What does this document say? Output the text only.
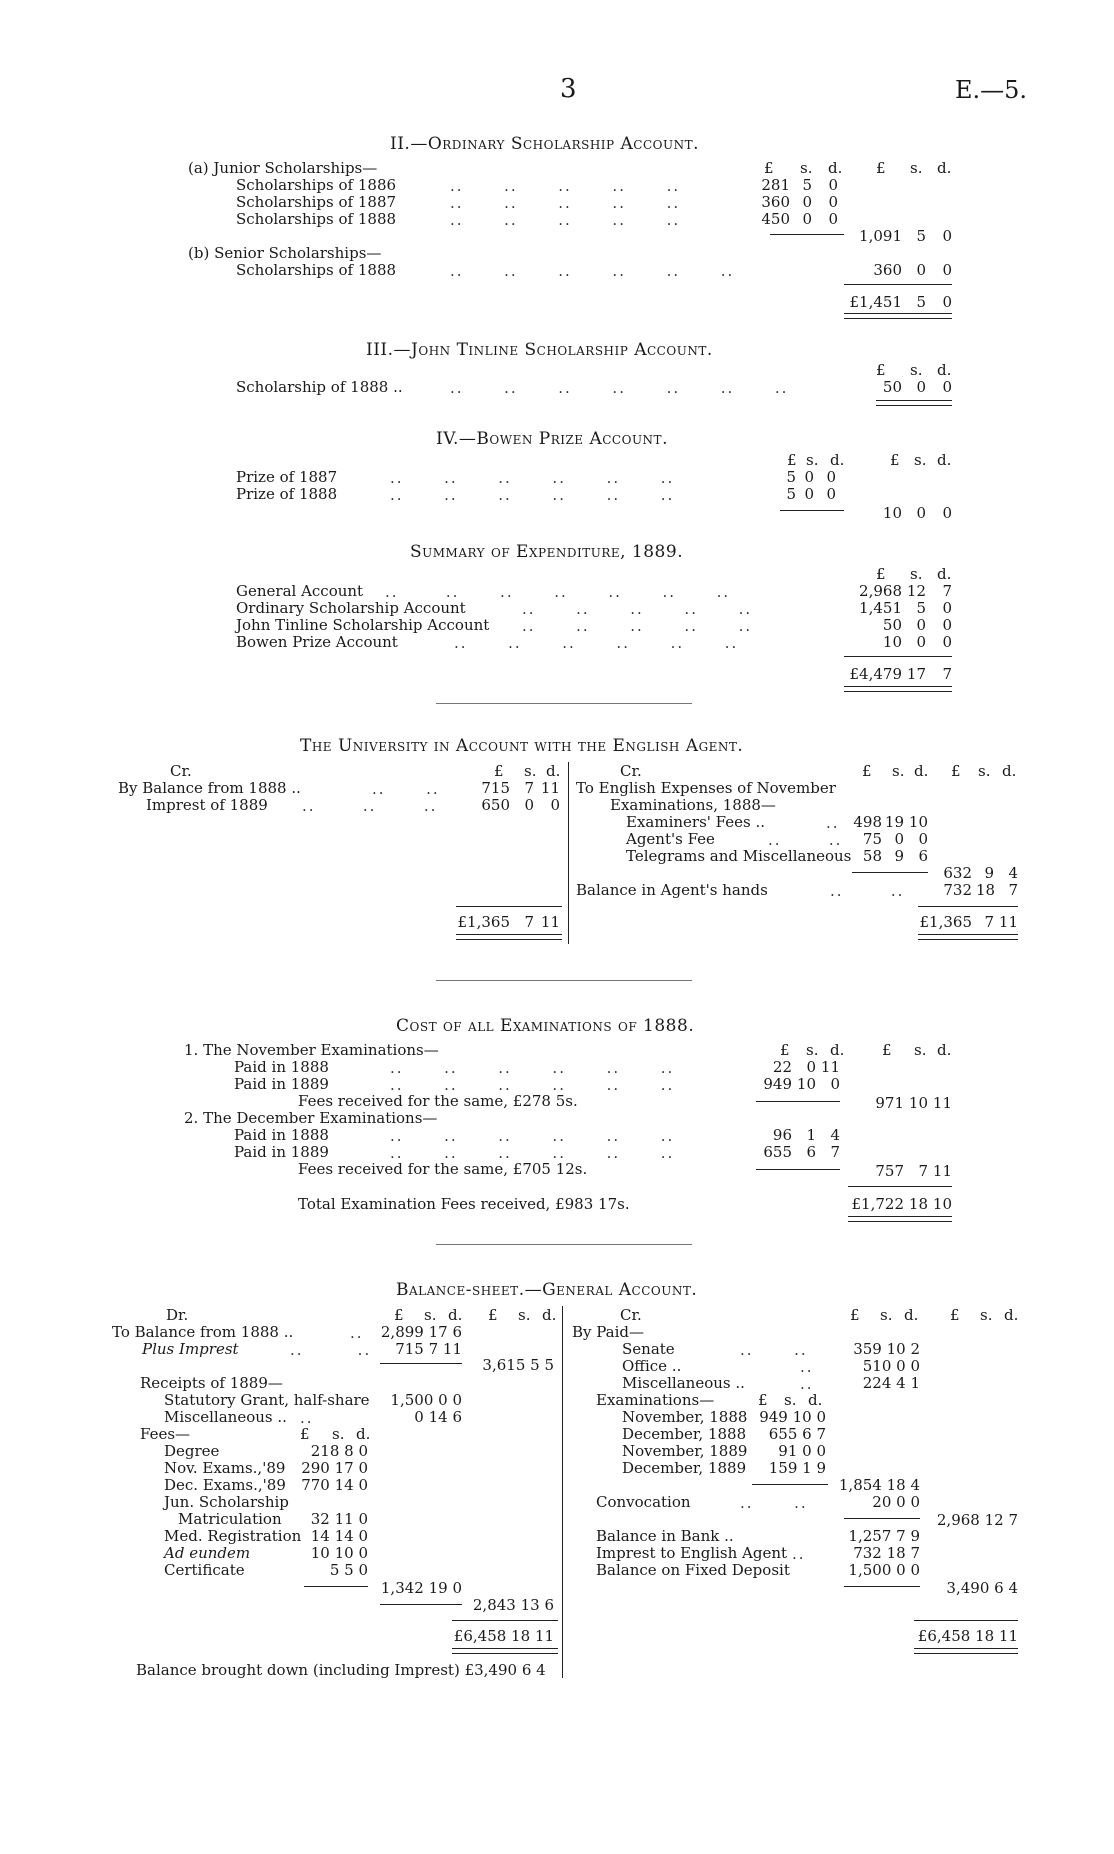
3	E.—5.
II.—Ordinary Scholarship Account.
£ s. d. £ s. d.
(a) Junior Scholarships—
Scholarships of 1886	..      ..      ..      ..      ..	281 5	0
Scholarships of 1887	..      ..      ..      ..      ..	360 0	0
Scholarships of 1888	..      ..      ..      ..      ..	450 0	0
1,091 5	0
(b) Senior Scholarships—
Scholarships of 1888	..      ..      ..      ..      ..      ..	360 0	0
£1,451 5	0
III.—John Tinline Scholarship Account.
£ s. d.
Scholarship of 1888 ..	..      ..      ..      ..      ..      ..      ..	50 0	0
IV.—Bowen Prize Account.
£ s. d.	£ s. d.
Prize of 1887	..      ..      ..      ..      ..      ..	5 0 0
Prize of 1888	..      ..      ..      ..      ..      ..	5 0 0
10 0	0
Summary of Expenditure, 1889.
£ s. d.
General Account ..       ..      ..      ..      ..      ..      ..	2,968 12	7
Ordinary Scholarship Account	..      ..      ..      ..      ..	1,451 5	0
John Tinline Scholarship Account ..      ..      ..      ..      ..	50 0	0
Bowen Prize Account	..      ..      ..      ..      ..      ..	10 0	0
£4,479 17	7
The University in Account with the English Agent.
Cr.	£ s. d.
By Balance from 1888 ..	..      ..	715 7 11
Imprest of 1889 ..       ..       ..	650 0	0
£1,365 7 11
Cr.	£ s. d. £ s. d.
To English Expenses of November
Examinations, 1888—
Examiners' Fees ..	.. 498 19 10
Agent's Fee	..       ..	75 0 0
Telegrams and Miscellaneous 58 9 6
632 9 4
Balance in Agent's hands	..       ..	732 18 7
£1,365 7 11
Cost of all Examinations of 1888.
£ s. d.	£ s. d.
1. The November Examinations—
Paid in 1888	..      ..      ..      ..      ..      ..	22 0 11
Paid in 1889	..      ..      ..      ..      ..      ..	949 10 0
Fees received for the same, £278 5s.	971 10 11
2. The December Examinations—
Paid in 1888	..      ..      ..      ..      ..      ..	96 1 4
Paid in 1889	..      ..      ..      ..      ..      ..	655 6 7
Fees received for the same, £705 12s.	757 7 11
Total Examination Fees received, £983 17s.	£1,722 18 10
Balance-sheet.—General Account.
Dr.	£ s. d. £ s. d.
To Balance from 1888 ..	..	2,899 17 6
Plus Imprest	..        ..	715 7 11
3,615 5 5
Receipts of 1889—
Statutory Grant, half-share	1,500 0 0
Miscellaneous .. ..	0 14 6
Fees—	£ s. d.
Degree	218 8 0
Nov. Exams.,'89	290 17 0
Dec. Exams.,'89	770 14 0
Jun. Scholarship
Matriculation	32 11 0
Med. Registration 14 14 0
Ad eundem	10 10 0
Certificate	5 5 0
1,342 19 0
2,843 13 6
£6,458 18 11
Balance brought down (including Imprest) £3,490 6 4
Cr.	£ s. d. £ s. d.
By Paid—
Senate	..      ..	359 10 2
Office ..	..	510 0 0
Miscellaneous ..	..	224 4 1
Examinations—	£ s. d.
November, 1888 949 10 0
December, 1888	655 6 7
November, 1889	91 0 0
December, 1889	159 1 9
1,854 18 4
Convocation	..      ..	20 0 0
2,968 12 7
Balance in Bank ..	1,257 7 9
Imprest to English Agent ..	732 18 7
Balance on Fixed Deposit	1,500 0 0
3,490 6 4
£6,458 18 11
